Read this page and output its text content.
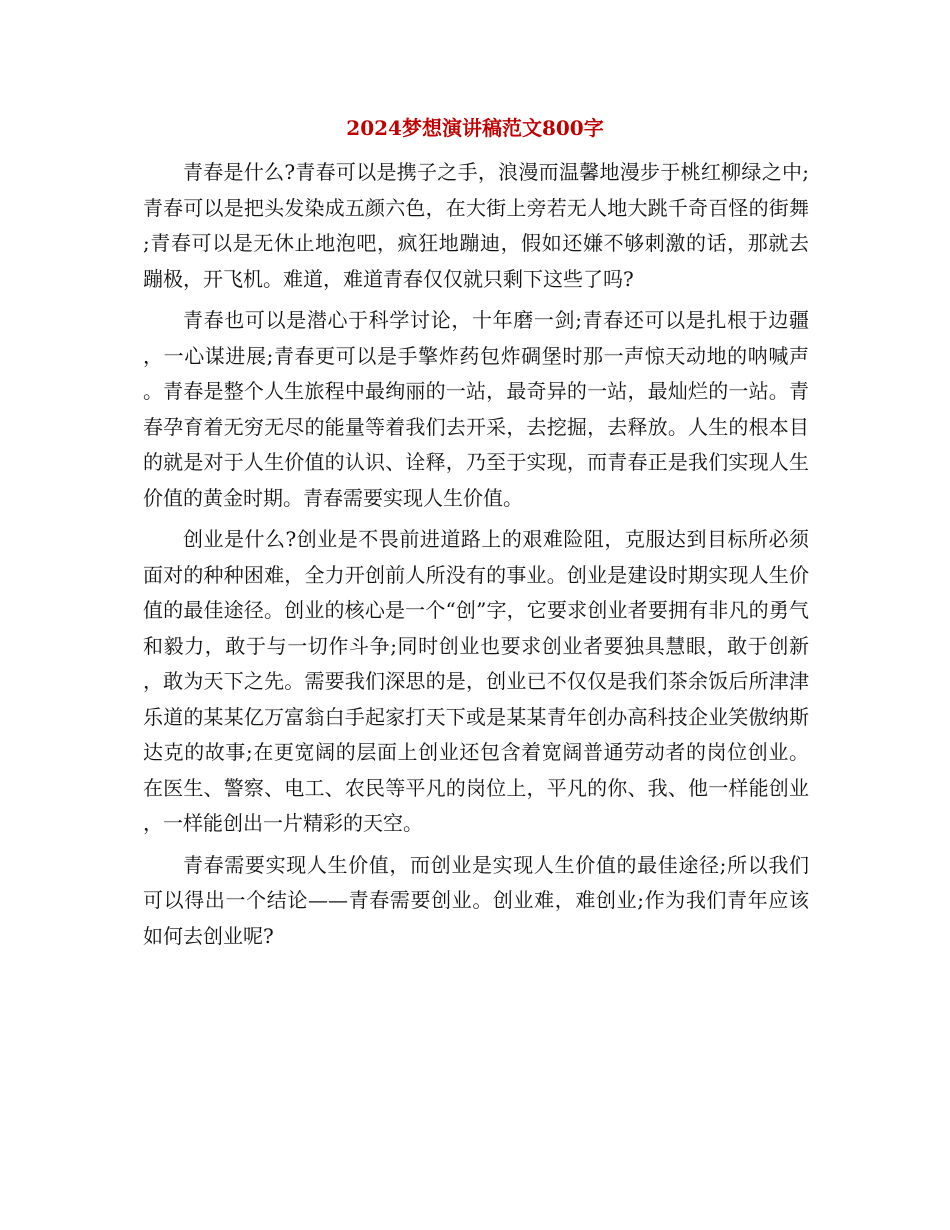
2024梦想演讲稿范文800字

青春是什么?青春可以是携子之手，浪漫而温馨地漫步于桃红柳绿之中;青春可以是把头发染成五颜六色，在大街上旁若无人地大跳千奇百怪的街舞;青春可以是无休止地泡吧，疯狂地蹦迪，假如还嫌不够刺激的话，那就去蹦极，开飞机。难道，难道青春仅仅就只剩下这些了吗?

青春也可以是潜心于科学讨论，十年磨一剑;青春还可以是扎根于边疆，一心谋进展;青春更可以是手擎炸药包炸碉堡时那一声惊天动地的呐喊声。青春是整个人生旅程中最绚丽的一站，最奇异的一站，最灿烂的一站。青春孕育着无穷无尽的能量等着我们去开采，去挖掘，去释放。人生的根本目的就是对于人生价值的认识、诠释，乃至于实现，而青春正是我们实现人生价值的黄金时期。青春需要实现人生价值。

创业是什么?创业是不畏前进道路上的艰难险阻，克服达到目标所必须面对的种种困难，全力开创前人所没有的事业。创业是建设时期实现人生价值的最佳途径。创业的核心是一个“创”字，它要求创业者要拥有非凡的勇气和毅力，敢于与一切作斗争;同时创业也要求创业者要独具慧眼，敢于创新，敢为天下之先。需要我们深思的是，创业已不仅仅是我们茶余饭后所津津乐道的某某亿万富翁白手起家打天下或是某某青年创办高科技企业笑傲纳斯达克的故事;在更宽阔的层面上创业还包含着宽阔普通劳动者的岗位创业。在医生、警察、电工、农民等平凡的岗位上，平凡的你、我、他一样能创业，一样能创出一片精彩的天空。

青春需要实现人生价值，而创业是实现人生价值的最佳途径;所以我们可以得出一个结论——青春需要创业。创业难，难创业;作为我们青年应该如何去创业呢?
